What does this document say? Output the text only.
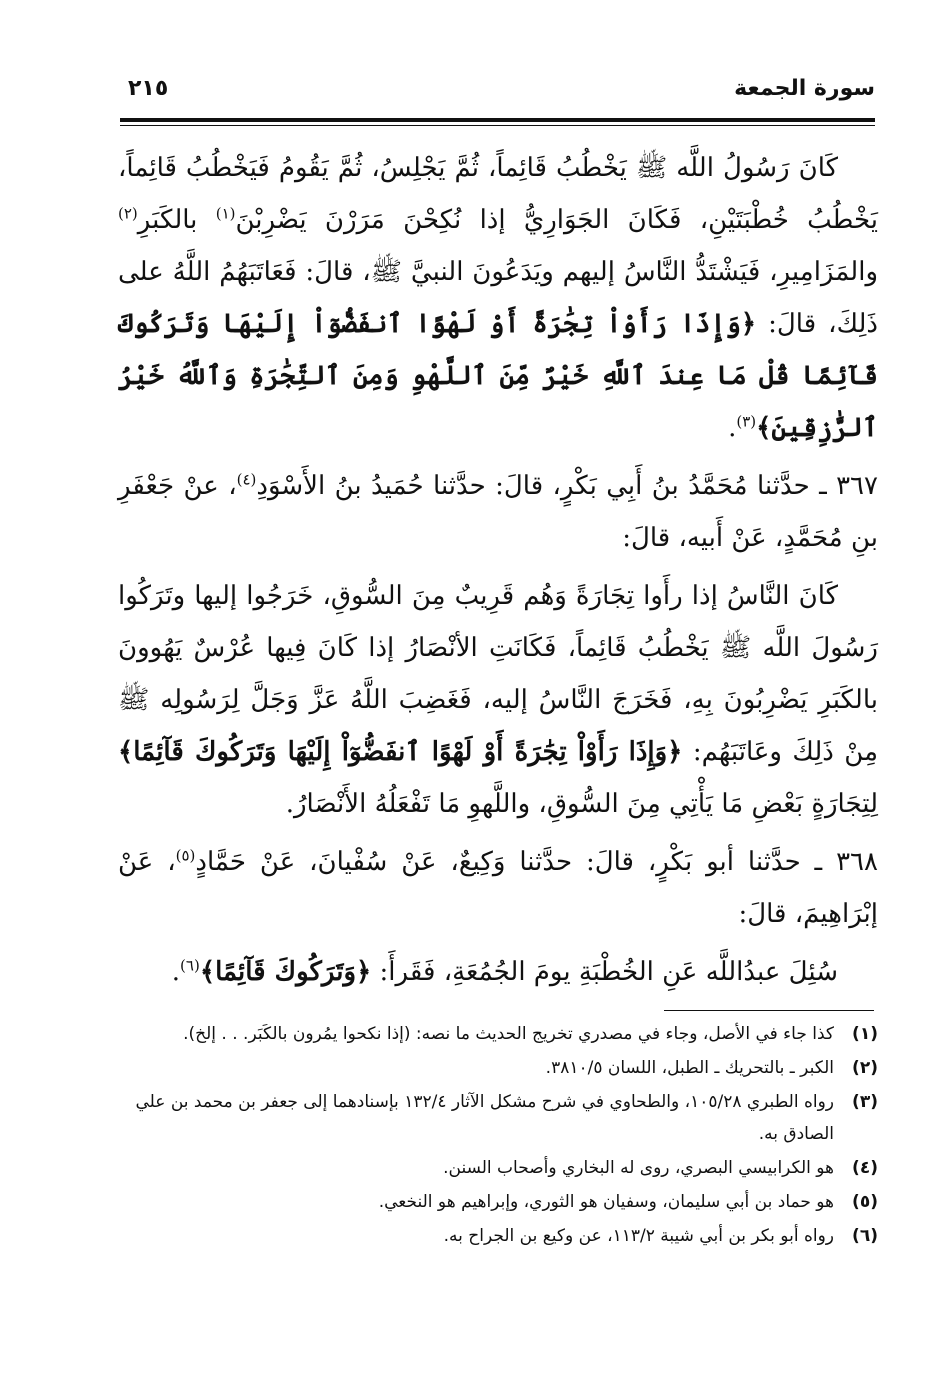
سورة الجمعة
٢١٥

كَانَ رَسُولُ اللَّه ﷺ يَخْطُبُ قَائِماً، ثُمَّ يَجْلِسُ، ثُمَّ يَقُومُ فَيَخْطُبُ قَائِماً، يَخْطُبُ خُطْبَتَيْنِ، فَكَانَ الجَوَارِيُّ إذا نُكِحْنَ مَرَرْنَ يَضْرِبْنَ$^{(١)}$ بالكَبَرِ$^{(٢)}$ والمَزَامِيرِ، فَيَشْتَدُّ النَّاسُ إليهم ويَدَعُونَ النبيَّ ﷺ، قالَ: فَعَاتَبَهُمُ اللَّهُ على ذَلِكَ، قالَ: ﴿وَإِذَا رَأَوْاْ تِجَٰرَةً أَوْ لَهْوًا ٱنفَضُّوٓاْ إِلَيْهَا وَتَرَكُوكَ قَآئِمًا قُلْ مَا عِندَ ٱللَّهِ خَيْرٌ مِّنَ ٱللَّهْوِ وَمِنَ ٱلتِّجَٰرَةِ وَٱللَّهُ خَيْرُ ٱلرَّٰزِقِينَ﴾$^{(٣)}$.

٣٦٧ ـ حدَّثنا مُحَمَّدُ بنُ أَبِي بَكْرٍ، قالَ: حدَّثنا حُمَيدُ بنُ الأَسْوَدِ$^{(٤)}$، عنْ جَعْفَرِ بنِ مُحَمَّدٍ، عَنْ أَبيه، قالَ:

كَانَ النَّاسُ إذا رأَوا تِجَارَةً وَهُم قَرِيبٌ مِنَ السُّوقِ، خَرَجُوا إليها وتَرَكُوا رَسُولَ اللَّه ﷺ يَخْطُبُ قَائِماً، فَكَانَتِ الأنْصَارُ إذا كَانَ فِيها عُرْسٌ يَهُوونَ بالكَبَرِ يَضْرِبُونَ بِهِ، فَخَرَجَ النَّاسُ إليه، فَغَضِبَ اللَّهُ عَزَّ وَجَلَّ لِرَسُولِه ﷺ مِنْ ذَلِكَ وعَاتَبَهُم: ﴿وَإِذَا رَأَوْاْ تِجَٰرَةً أَوْ لَهْوًا ٱنفَضُّوٓاْ إِلَيْهَا وَتَرَكُوكَ قَآئِمًا﴾ لِتِجَارَةٍ بَعْضِ مَا يَأْتِي مِنَ السُّوقِ، واللَّهوِ مَا تَفْعَلُهُ الأَنْصَارُ.

٣٦٨ ـ حدَّثنا أبو بَكْرٍ، قالَ: حدَّثنا وَكِيعٌ، عَنْ سُفْيانَ، عَنْ حَمَّادٍ$^{(٥)}$، عَنْ إبْرَاهِيمَ، قالَ:

سُئِلَ عبدُاللَّه عَنِ الخُطْبَةِ يومَ الجُمُعَةِ، فَقَرأَ: ﴿وَتَرَكُوكَ قَآئِمًا﴾$^{(٦)}$.

(١)
كذا جاء في الأصل، وجاء في مصدري تخريج الحديث ما نصه: (إذا نكحوا يمُرون بالكَبَر. . . إلخ).
(٢)
الكبر ـ بالتحريك ـ الطبل، اللسان ٣٨١٠/٥.
(٣)
رواه الطبري ١٠٥/٢٨، والطحاوي في شرح مشكل الآثار ١٣٢/٤ بإسنادهما إلى جعفر بن محمد بن علي الصادق به.
(٤)
هو الكرابيسي البصري، روى له البخاري وأصحاب السنن.
(٥)
هو حماد بن أبي سليمان، وسفيان هو الثوري، وإبراهيم هو النخعي.
(٦)
رواه أبو بكر بن أبي شيبة ١١٣/٢، عن وكيع بن الجراح به.
